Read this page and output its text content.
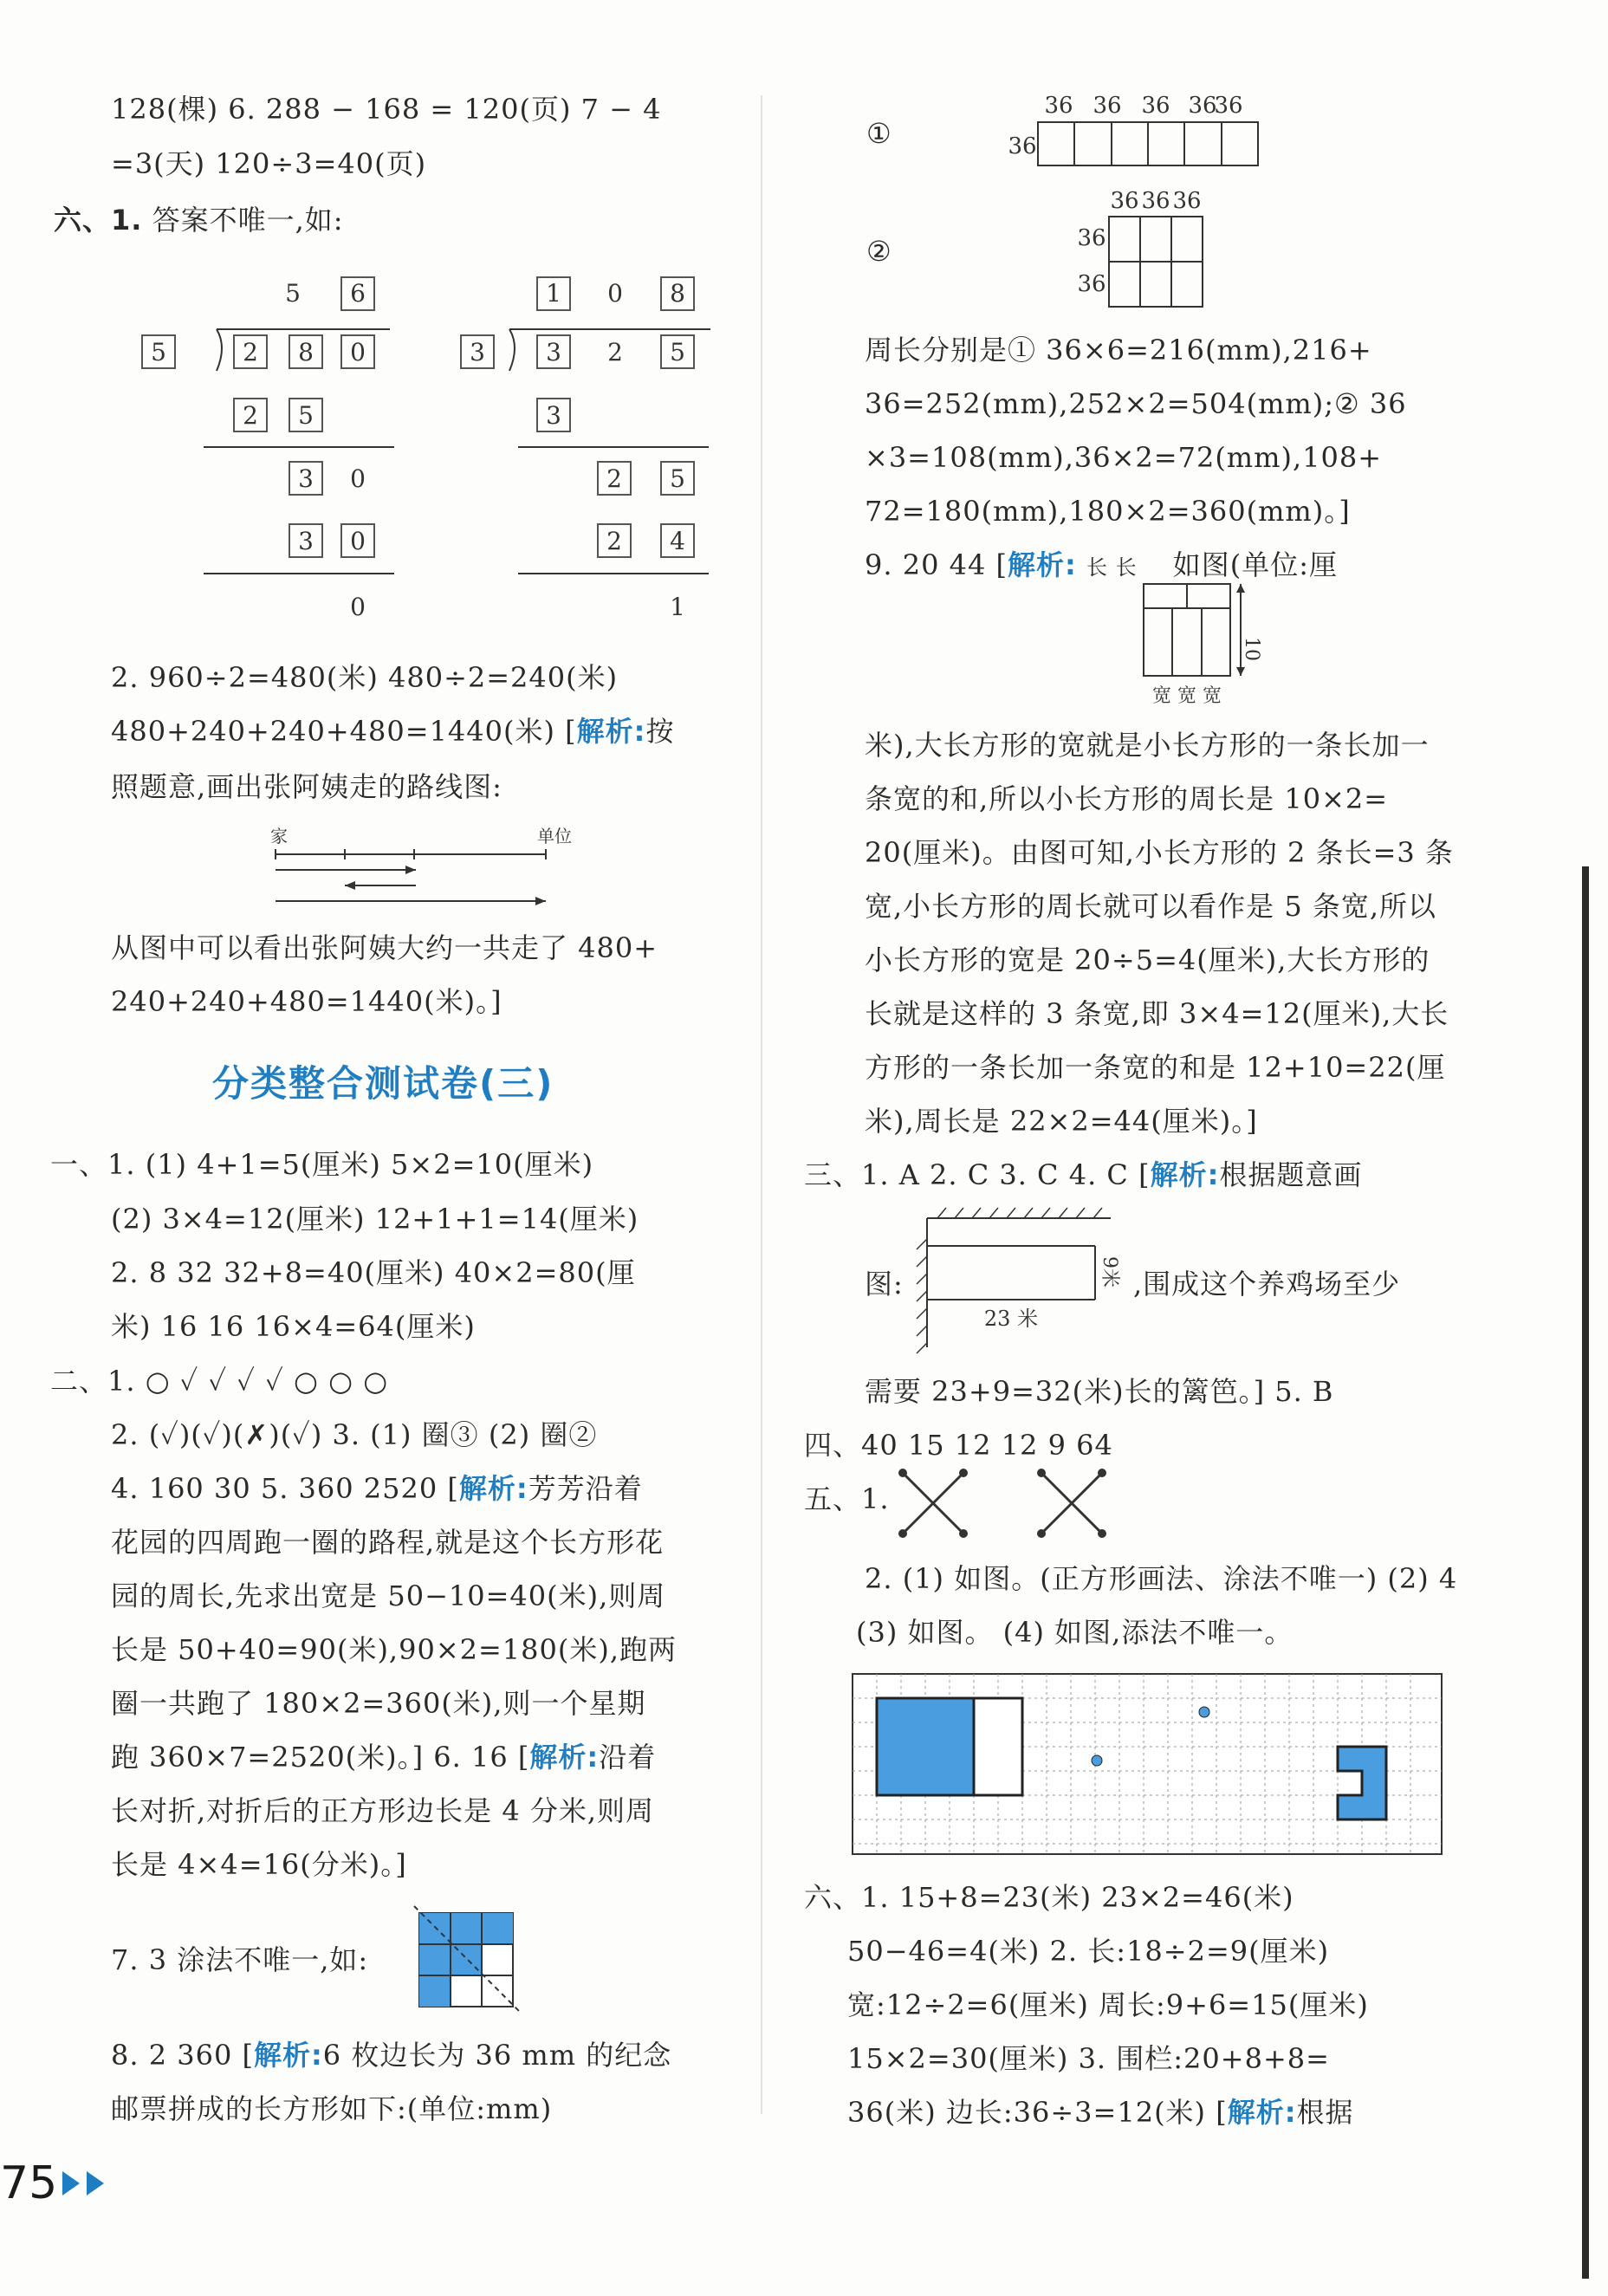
128(棵) 6. 288 − 168 = 120(页) 7 − 4
=3(天) 120÷3=40(页)
六、1. 答案不唯一,如:
5 6
5	2 8 0
2 5
3 0
3 0
0
1 0 8
3	3 2 5
3
2 5
2 4
1
2. 960÷2=480(米) 480÷2=240(米)
480+240+240+480=1440(米) [解析:按
照题意,画出张阿姨走的路线图:
家	单位
从图中可以看出张阿姨大约一共走了 480+
240+240+480=1440(米)。]
分类整合测试卷(三)
一、1. (1) 4+1=5(厘米) 5×2=10(厘米)
(2) 3×4=12(厘米) 12+1+1=14(厘米)
2. 8 32 32+8=40(厘米) 40×2=80(厘
米) 16 16 16×4=64(厘米)
二、1. ○ ✓ ✓ ✓ ✓ ○ ○ ○
2. (✓)(✓)(✗)(✓) 3. (1) 圈③ (2) 圈②
4. 160 30 5. 360 2520 [解析:芳芳沿着
花园的四周跑一圈的路程,就是这个长方形花
园的周长,先求出宽是 50−10=40(米),则周
长是 50+40=90(米),90×2=180(米),跑两
圈一共跑了 180×2=360(米),则一个星期
跑 360×7=2520(米)。] 6. 16 [解析:沿着
长对折,对折后的正方形边长是 4 分米,则周
长是 4×4=16(分米)。]
7. 3 涂法不唯一,如:
8. 2 360 [解析:6 枚边长为 36 mm 的纪念
邮票拼成的长方形如下:(单位:mm)
①
36 36 36 36
36
36
②
36 36 36
36
36
周长分别是① 36×6=216(mm),216+
36=252(mm),252×2=504(mm);② 36
×3=108(mm),36×2=72(mm),108+
72=180(mm),180×2=360(mm)。]
9. 20 44 [解析: 长 长 如图(单位:厘
10
宽 宽 宽
米),大长方形的宽就是小长方形的一条长加一
条宽的和,所以小长方形的周长是 10×2=
20(厘米)。由图可知,小长方形的 2 条长=3 条
宽,小长方形的周长就可以看作是 5 条宽,所以
小长方形的宽是 20÷5=4(厘米),大长方形的
长就是这样的 3 条宽,即 3×4=12(厘米),大长
方形的一条长加一条宽的和是 12+10=22(厘
米),周长是 22×2=44(厘米)。]
三、1. A 2. C 3. C 4. C [解析:根据题意画
图:
23 米
9米 ,围成这个养鸡场至少
需要 23+9=32(米)长的篱笆。] 5. B
四、40 15 12 12 9 64
五、1.
2. (1) 如图。(正方形画法、涂法不唯一) (2) 4
(3) 如图。 (4) 如图,添法不唯一。
六、1. 15+8=23(米) 23×2=46(米)
50−46=4(米) 2. 长:18÷2=9(厘米)
宽:12÷2=6(厘米) 周长:9+6=15(厘米)
15×2=30(厘米) 3. 围栏:20+8+8=
36(米) 边长:36÷3=12(米) [解析:根据
75
